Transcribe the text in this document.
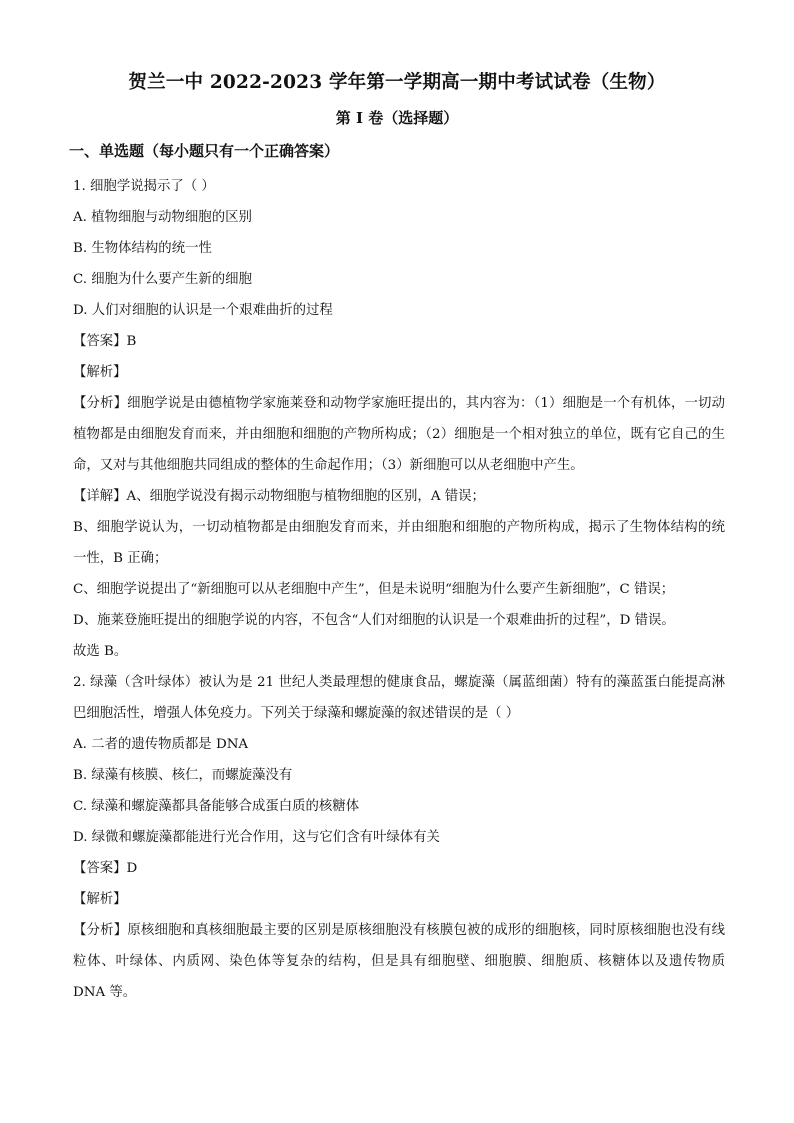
贺兰一中 2022-2023 学年第一学期高一期中考试试卷（生物）
第 I 卷（选择题）
一、单选题（每小题只有一个正确答案）
1. 细胞学说揭示了（ ）
A. 植物细胞与动物细胞的区别
B. 生物体结构的统一性
C. 细胞为什么要产生新的细胞
D. 人们对细胞的认识是一个艰难曲折的过程
【答案】B
【解析】
【分析】细胞学说是由德植物学家施莱登和动物学家施旺提出的，其内容为：（1）细胞是一个有机体，一切动植物都是由细胞发育而来，并由细胞和细胞的产物所构成；（2）细胞是一个相对独立的单位，既有它自己的生命，又对与其他细胞共同组成的整体的生命起作用；（3）新细胞可以从老细胞中产生。
【详解】A、细胞学说没有揭示动物细胞与植物细胞的区别，A 错误；
B、细胞学说认为，一切动植物都是由细胞发育而来，并由细胞和细胞的产物所构成，揭示了生物体结构的统一性，B 正确；
C、细胞学说提出了“新细胞可以从老细胞中产生”，但是未说明“细胞为什么要产生新细胞”，C 错误；
D、施莱登施旺提出的细胞学说的内容，不包含“人们对细胞的认识是一个艰难曲折的过程”，D 错误。
故选 B。
2. 绿藻（含叶绿体）被认为是 21 世纪人类最理想的健康食品，螺旋藻（属蓝细菌）特有的藻蓝蛋白能提高淋巴细胞活性，增强人体免疫力。下列关于绿藻和螺旋藻的叙述错误的是（ ）
A. 二者的遗传物质都是 DNA
B. 绿藻有核膜、核仁，而螺旋藻没有
C. 绿藻和螺旋藻都具备能够合成蛋白质的核糖体
D. 绿微和螺旋藻都能进行光合作用，这与它们含有叶绿体有关
【答案】D
【解析】
【分析】原核细胞和真核细胞最主要的区别是原核细胞没有核膜包被的成形的细胞核，同时原核细胞也没有线粒体、叶绿体、内质网、染色体等复杂的结构，但是具有细胞壁、细胞膜、细胞质、核糖体以及遗传物质 DNA 等。
